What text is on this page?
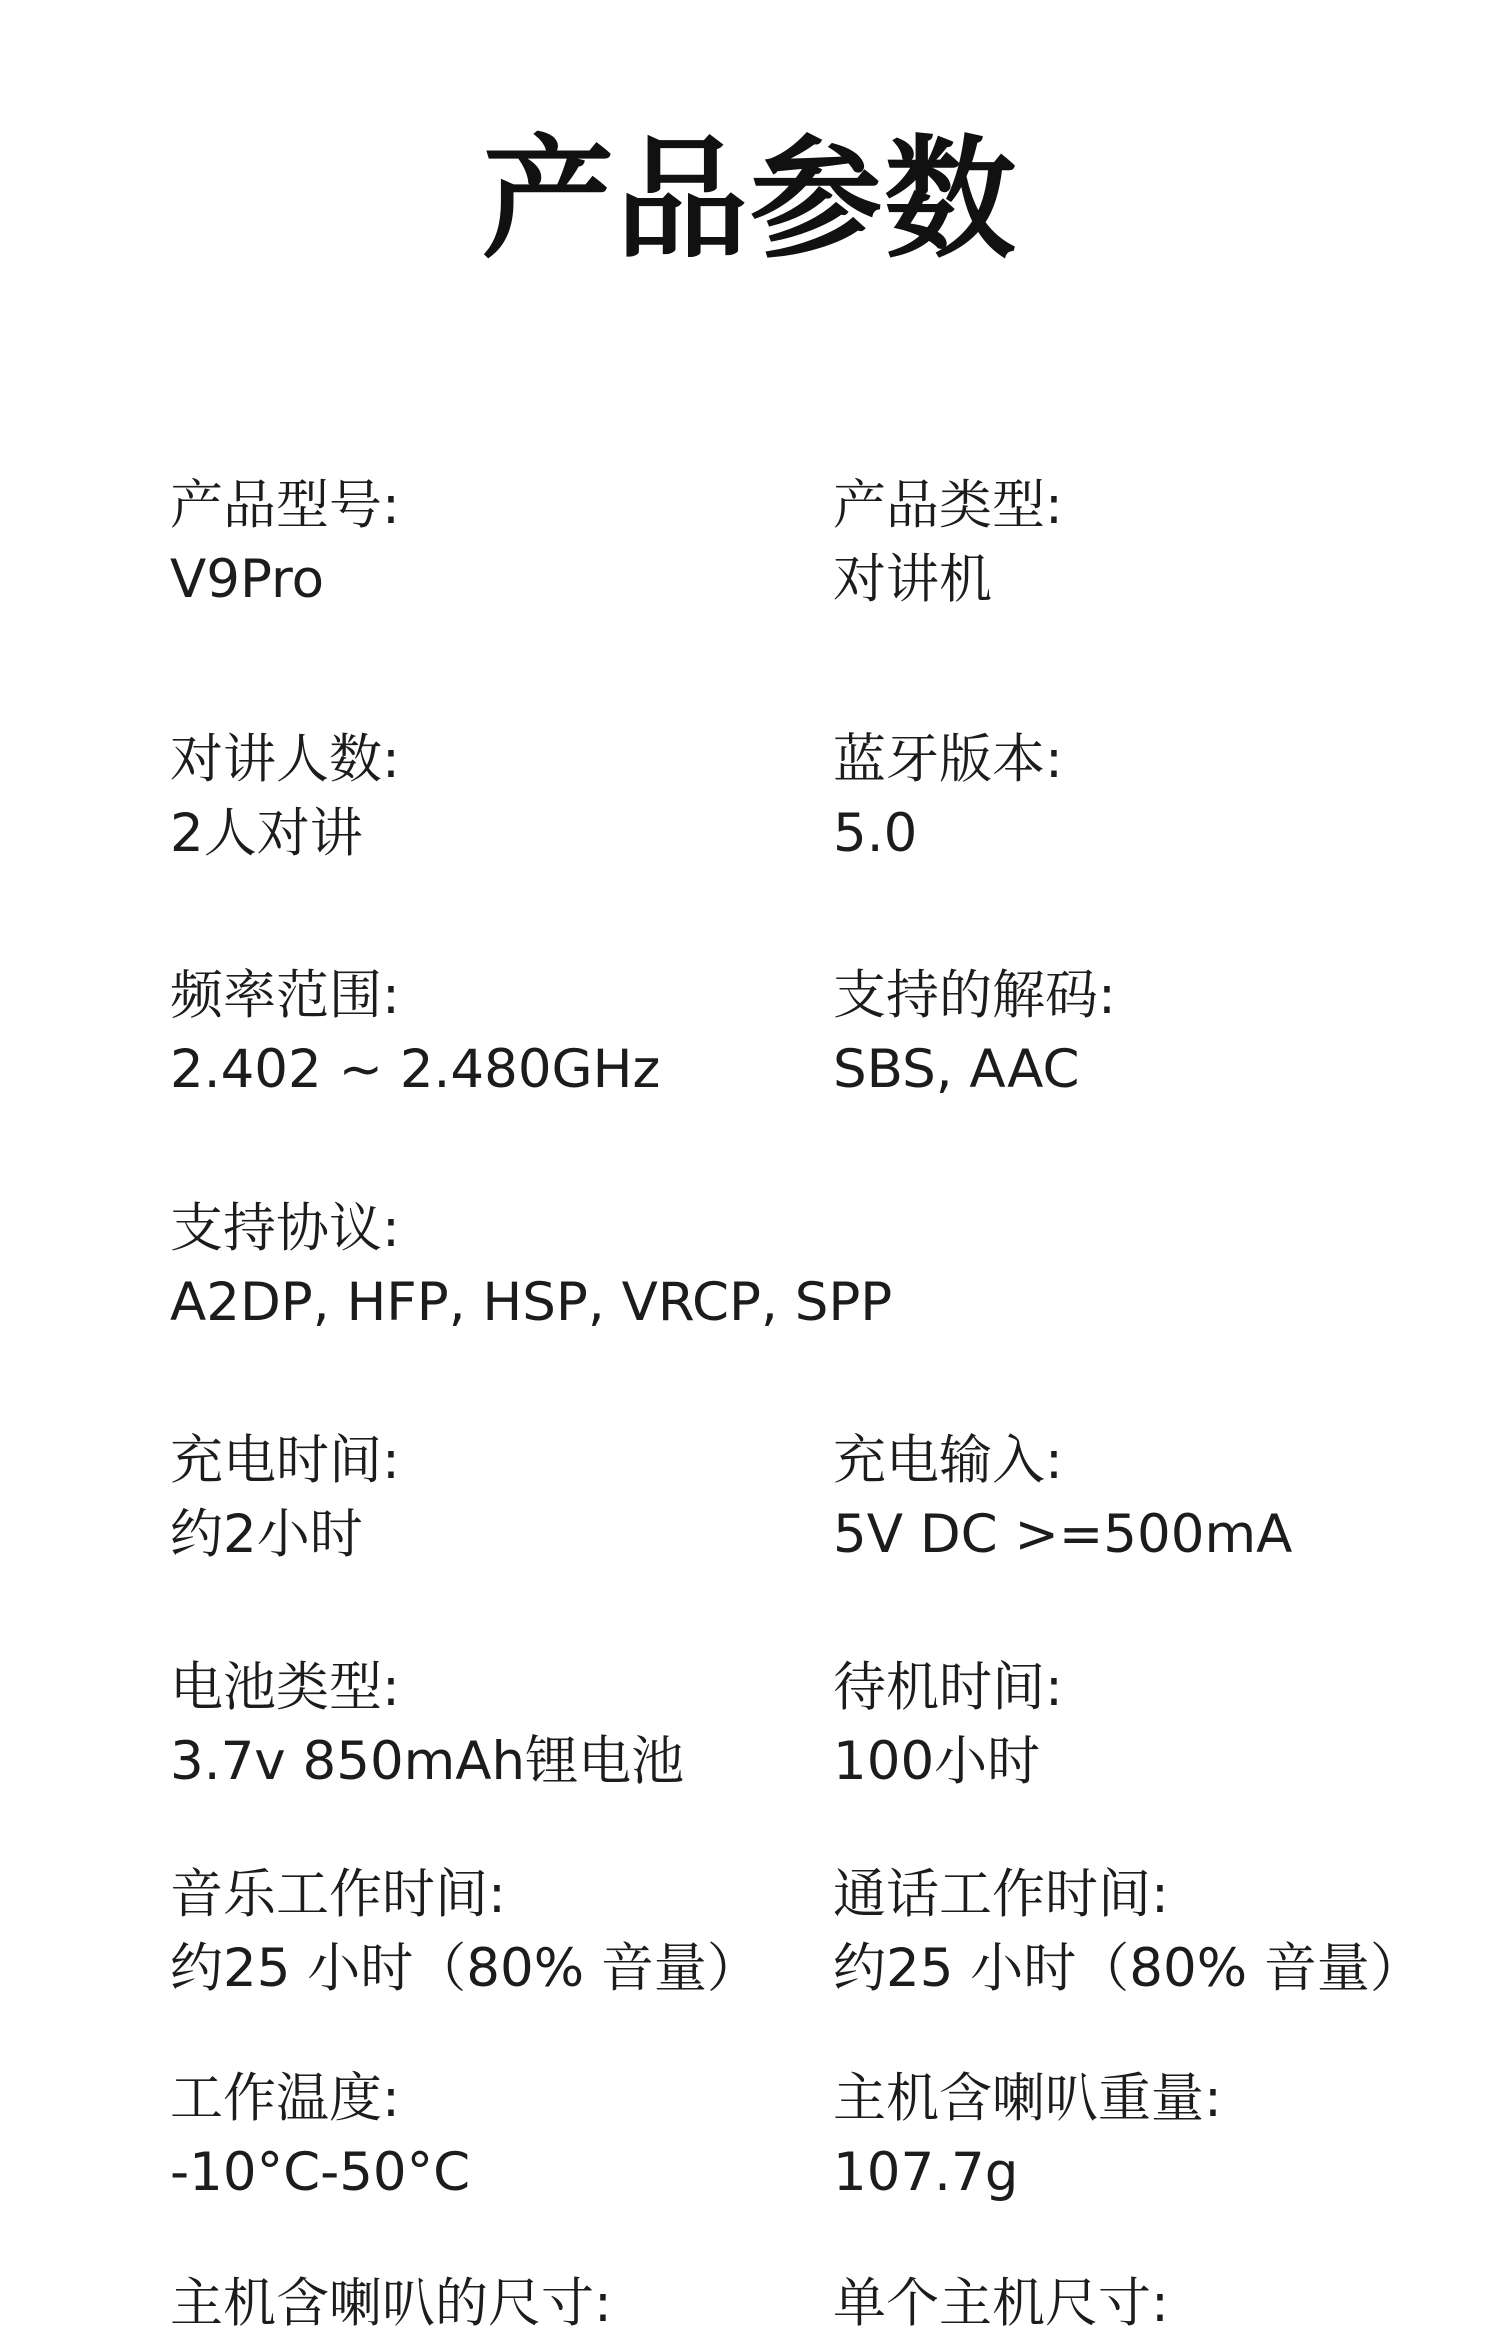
产品参数
产品型号:
V9Pro
产品类型:
对讲机
对讲人数:
2人对讲
蓝牙版本:
5.0
频率范围:
2.402 ~ 2.480GHz
支持的解码:
SBS, AAC
支持协议:
A2DP, HFP, HSP, VRCP, SPP
充电时间:
约2小时
充电输入:
5V DC >=500mA
电池类型:
3.7v 850mAh锂电池
待机时间:
100小时
音乐工作时间:
约25 小时（80% 音量）
通话工作时间:
约25 小时（80% 音量）
工作温度:
-10°C-50°C
主机含喇叭重量:
107.7g
主机含喇叭的尺寸:	单个主机尺寸:
